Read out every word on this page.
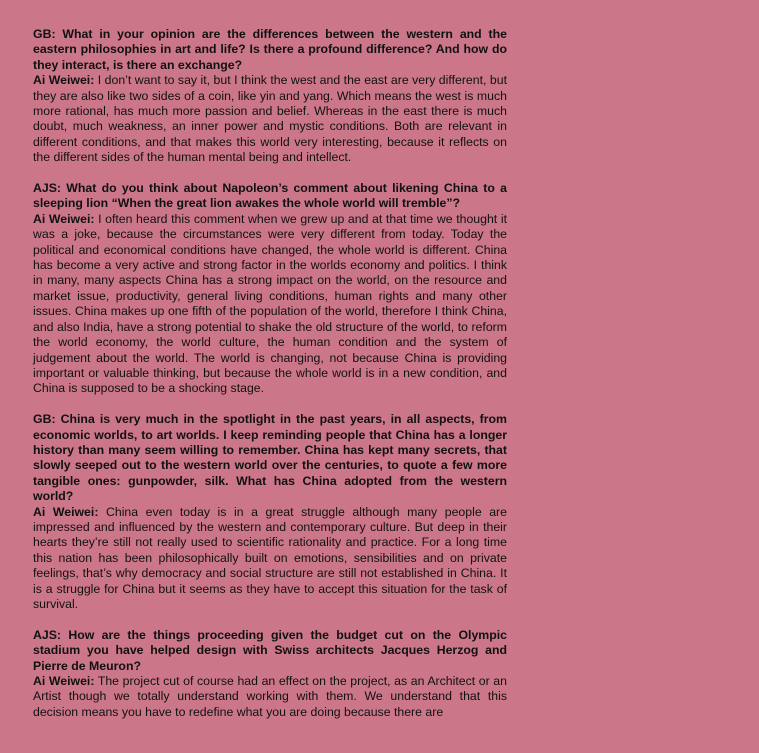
GB: What in your opinion are the differences between the western and the eastern philosophies in art and life? Is there a profound difference? And how do they interact, is there an exchange?

Ai Weiwei: I don’t want to say it, but I think the west and the east are very different, but they are also like two sides of a coin, like yin and yang. Which means the west is much more rational, has much more passion and belief. Whereas in the east there is much doubt, much weakness, an inner power and mystic conditions. Both are relevant in different conditions, and that makes this world very interesting, because it reflects on the different sides of the human mental being and intellect.

AJS: What do you think about Napoleon’s comment about likening China to a sleeping lion “When the great lion awakes the whole world will tremble”?

Ai Weiwei: I often heard this comment when we grew up and at that time we thought it was a joke, because the circumstances were very different from today. Today the political and economical conditions have changed, the whole world is different. China has become a very active and strong factor in the worlds economy and politics. I think in many, many aspects China has a strong impact on the world, on the resource and market issue, productivity, general living conditions, human rights and many other issues. China makes up one fifth of the population of the world, therefore I think China, and also India, have a strong potential to shake the old structure of the world, to reform the world economy, the world culture, the human condition and the system of judgement about the world. The world is changing, not because China is providing important or valuable thinking, but because the whole world is in a new condition, and China is supposed to be a shocking stage.

GB: China is very much in the spotlight in the past years, in all aspects, from economic worlds, to art worlds. I keep reminding people that China has a longer history than many seem willing to remember. China has kept many secrets, that slowly seeped out to the western world over the centuries, to quote a few more tangible ones: gunpowder, silk. What has China adopted from the western world?

Ai Weiwei: China even today is in a great struggle although many people are impressed and influenced by the western and contemporary culture. But deep in their hearts they’re still not really used to scientific rationality and practice. For a long time this nation has been philosophically built on emotions, sensibilities and on private feelings, that’s why democracy and social structure are still not established in China. It is a struggle for China but it seems as they have to accept this situation for the task of survival.

AJS: How are the things proceeding given the budget cut on the Olympic stadium you have helped design with Swiss architects Jacques Herzog and Pierre de Meuron?

Ai Weiwei: The project cut of course had an effect on the project, as an Architect or an Artist though we totally understand working with them. We understand that this decision means you have to redefine what you are doing because there are
